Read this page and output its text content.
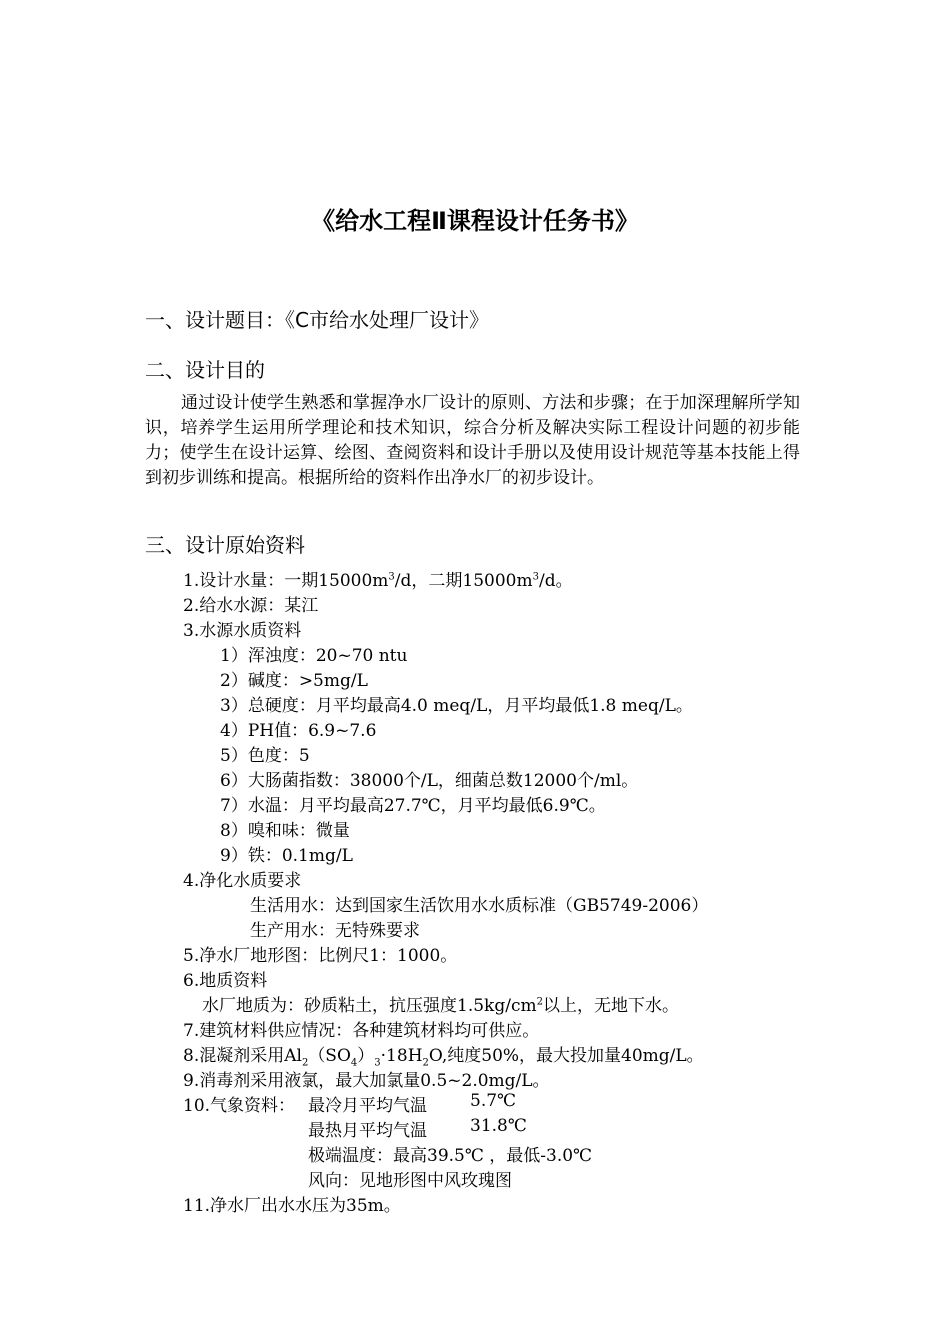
《给水工程Ⅱ课程设计任务书》
一、设计题目：《C市给水处理厂设计》
二、设计目的
通过设计使学生熟悉和掌握净水厂设计的原则、方法和步骤；在于加深理解所学知识，培养学生运用所学理论和技术知识，综合分析及解决实际工程设计问题的初步能力；使学生在设计运算、绘图、查阅资料和设计手册以及使用设计规范等基本技能上得到初步训练和提高。根据所给的资料作出净水厂的初步设计。
三、设计原始资料
1.设计水量：一期$15000m^3/d$，二期$15000m^3/d$。
2.给水水源：某江
3.水源水质资料
1）浑浊度：20~70 ntu
2）碱度：>5mg/L
3）总硬度：月平均最高4.0 meq/L，月平均最低1.8 meq/L。
4）PH值：6.9~7.6
5）色度：5
6）大肠菌指数：38000个/L，细菌总数12000个/ml。
7）水温：月平均最高27.7℃，月平均最低6.9℃。
8）嗅和味：微量
9）铁：0.1mg/L
4.净化水质要求
生活用水：达到国家生活饮用水水质标准（GB5749-2006）
生产用水：无特殊要求
5.净水厂地形图：比例尺1：1000。
6.地质资料
水厂地质为：砂质粘土，抗压强度$1.5kg/cm^2$以上，无地下水。
7.建筑材料供应情况：各种建筑材料均可供应。
8.混凝剂采用$Al_2(SO_4)_3\cdot 18H_2O$,纯度50%，最大投加量40mg/L。
9.消毒剂采用液氯，最大加氯量0.5~2.0mg/L。
10.气象资料： 最冷月平均气温	5.7℃
最热月平均气温	31.8℃
极端温度：最高39.5℃ ，最低-3.0℃
风向：见地形图中风玫瑰图
11.净水厂出水水压为35m。
